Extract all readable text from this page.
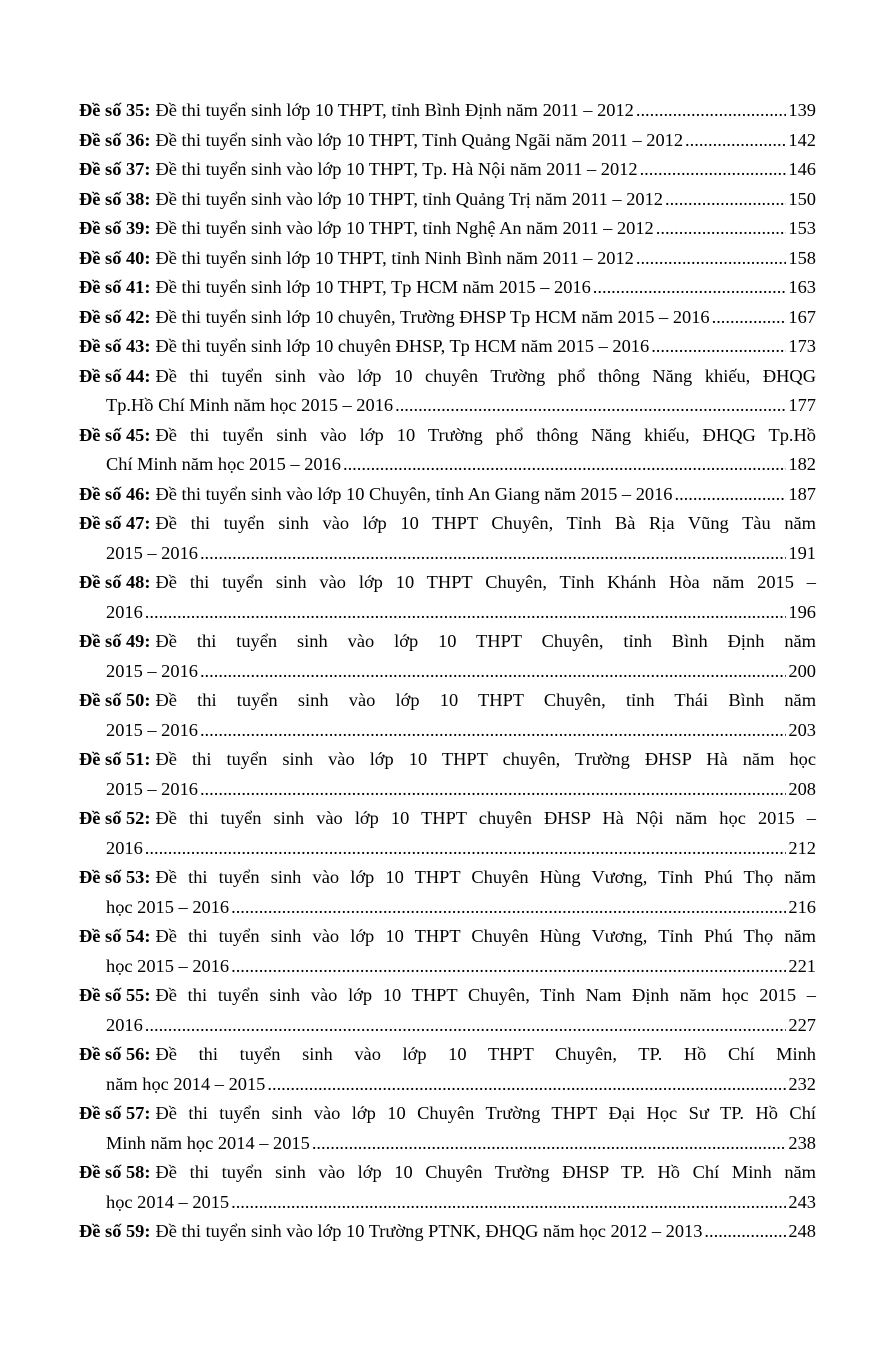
Đề số 35: Đề thi tuyển sinh lớp 10 THPT, tỉnh Bình Định năm 2011 – 2012 .....	139
Đề số 36: Đề thi tuyển sinh vào lớp 10 THPT, Tỉnh Quảng Ngãi năm 2011 – 2012 .....	142
Đề số 37: Đề thi tuyển sinh vào lớp 10 THPT, Tp. Hà Nội năm 2011 – 2012 .....	146
Đề số 38: Đề thi tuyển sinh vào lớp 10 THPT, tỉnh Quảng Trị năm 2011 – 2012 .....	150
Đề số 39: Đề thi tuyển sinh vào lớp 10 THPT, tỉnh Nghệ An năm 2011 – 2012 .....	153
Đề số 40: Đề thi tuyển sinh lớp 10 THPT, tỉnh Ninh Bình năm 2011 – 2012 .....	158
Đề số 41: Đề thi tuyển sinh lớp 10 THPT, Tp HCM năm 2015 – 2016 .....	163
Đề số 42: Đề thi tuyển sinh lớp 10 chuyên, Trường ĐHSP Tp HCM năm 2015 – 2016 .....	167
Đề số 43: Đề thi tuyển sinh lớp 10 chuyên ĐHSP, Tp HCM năm 2015 – 2016 .....	173
Đề số 44: Đề thi tuyển sinh vào lớp 10 chuyên Trường phổ thông Năng khiếu, ĐHQG
Tp.Hồ Chí Minh năm học 2015 – 2016 .....	177
Đề số 45: Đề thi tuyển sinh vào lớp 10 Trường phổ thông Năng khiếu, ĐHQG Tp.Hồ
Chí Minh năm học 2015 – 2016 .....	182
Đề số 46: Đề thi tuyển sinh vào lớp 10 Chuyên, tỉnh An Giang năm 2015 – 2016 .....	187
Đề số 47: Đề thi tuyển sinh vào lớp 10 THPT Chuyên, Tỉnh Bà Rịa Vũng Tàu năm
2015 – 2016 .....	191
Đề số 48: Đề thi tuyển sinh vào lớp 10 THPT Chuyên, Tỉnh Khánh Hòa năm 2015 –
2016 .....	196
Đề số 49: Đề thi tuyển sinh vào lớp 10 THPT Chuyên, tỉnh Bình Định năm
2015 – 2016 .....	200
Đề số 50: Đề thi tuyển sinh vào lớp 10 THPT Chuyên, tỉnh Thái Bình năm
2015 – 2016 .....	203
Đề số 51: Đề thi tuyển sinh vào lớp 10 THPT chuyên, Trường ĐHSP Hà năm học
2015 – 2016 .....	208
Đề số 52: Đề thi tuyển sinh vào lớp 10 THPT chuyên ĐHSP Hà Nội năm học 2015 –
2016 .....	212
Đề số 53: Đề thi tuyển sinh vào lớp 10 THPT Chuyên Hùng Vương, Tỉnh Phú Thọ năm
học 2015 – 2016 .....	216
Đề số 54: Đề thi tuyển sinh vào lớp 10 THPT Chuyên Hùng Vương, Tỉnh Phú Thọ năm
học 2015 – 2016 .....	221
Đề số 55: Đề thi tuyển sinh vào lớp 10 THPT Chuyên, Tỉnh Nam Định năm học 2015 –
2016 .....	227
Đề số 56: Đề thi tuyển sinh vào lớp 10 THPT Chuyên, TP. Hồ Chí Minh
năm học 2014 – 2015 .....	232
Đề số 57: Đề thi tuyển sinh vào lớp 10 Chuyên Trường THPT Đại Học Sư TP. Hồ Chí
Minh năm học 2014 – 2015 .....	238
Đề số 58: Đề thi tuyển sinh vào lớp 10 Chuyên Trường ĐHSP TP. Hồ Chí Minh năm
học 2014 – 2015 .....	243
Đề số 59: Đề thi tuyển sinh vào lớp 10 Trường PTNK, ĐHQG năm học 2012 – 2013 .....	248
